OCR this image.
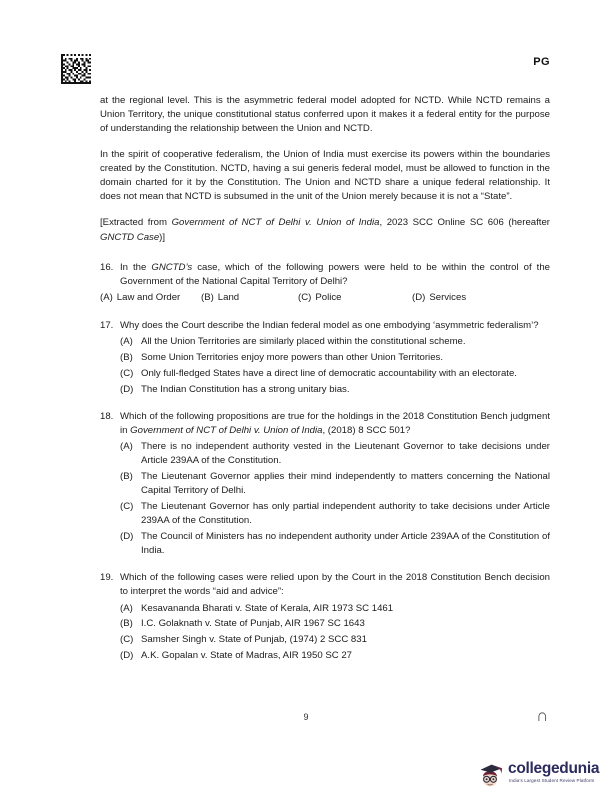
PG

at the regional level. This is the asymmetric federal model adopted for NCTD. While NCTD remains a Union Territory, the unique constitutional status conferred upon it makes it a federal entity for the purpose of understanding the relationship between the Union and NCTD.

In the spirit of cooperative federalism, the Union of India must exercise its powers within the boundaries created by the Constitution. NCTD, having a sui generis federal model, must be allowed to function in the domain charted for it by the Constitution. The Union and NCTD share a unique federal relationship. It does not mean that NCTD is subsumed in the unit of the Union merely because it is not a “State”.

[Extracted from Government of NCT of Delhi v. Union of India, 2023 SCC Online SC 606 (hereafter GNCTD Case)]
16. In the GNCTD’s case, which of the following powers were held to be within the control of the Government of the National Capital Territory of Delhi?
(A) Law and Order (B) Land	(C) Police	(D) Services
17. Why does the Court describe the Indian federal model as one embodying ‘asymmetric federalism’?
(A) All the Union Territories are similarly placed within the constitutional scheme.
(B) Some Union Territories enjoy more powers than other Union Territories.
(C) Only full-fledged States have a direct line of democratic accountability with an electorate.
(D) The Indian Constitution has a strong unitary bias.
18. Which of the following propositions are true for the holdings in the 2018 Constitution Bench judgment in Government of NCT of Delhi v. Union of India, (2018) 8 SCC 501?
(A) There is no independent authority vested in the Lieutenant Governor to take decisions under Article 239AA of the Constitution.
(B) The Lieutenant Governor applies their mind independently to matters concerning the National Capital Territory of Delhi.
(C) The Lieutenant Governor has only partial independent authority to take decisions under Article 239AA of the Constitution.
(D) The Council of Ministers has no independent authority under Article 239AA of the Constitution of India.
19. Which of the following cases were relied upon by the Court in the 2018 Constitution Bench decision to interpret the words “aid and advice”:
(A) Kesavananda Bharati v. State of Kerala, AIR 1973 SC 1461
(B) I.C. Golaknath v. State of Punjab, AIR 1967 SC 1643
(C) Samsher Singh v. State of Punjab, (1974) 2 SCC 831
(D) A.K. Gopalan v. State of Madras, AIR 1950 SC 27
9	∩
collegedunia
India's Largest Student Review Platform
